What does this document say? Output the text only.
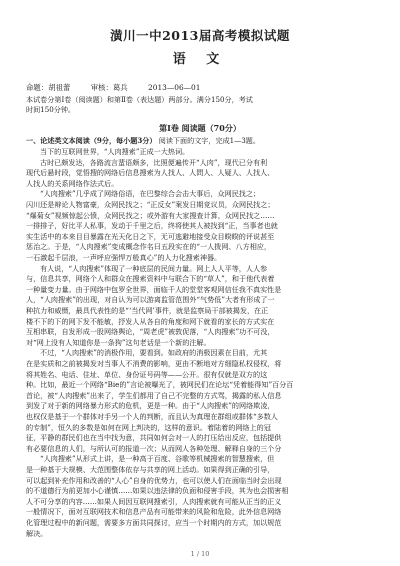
潢川一中2013届高考模拟试题
语 文
命题：胡祖蕾	审核：葛兵	2013—06—01
本试卷分第Ⅰ卷（阅读题）和第Ⅱ卷（表达题）两部分。满分150分，考试
时间150分钟。
第Ⅰ卷 阅读题（70分）
一、论述类文本阅读（9分，每小题3分） 阅读下面的文字，完成1—3题。
当下的互联网世界，“人肉搜索”正成一大热词。
古时已颇发达，各路流言蜚语颇多，比照便遍传开“人肉”，现代已分有利
现代后悬时段，觉悟搜的网络后信息搜索为人找人、人問人、人疑人、人找人、
人找人的关系网络作法式后。
“人肉搜索”几乎成了网络俗语，在巴黎综合会击大事后，众网民找之；
闪川还是辩论人物富豪，众网民找之；“正反女”案发日期竞议员，众网民找之；
“爆菊女”视频惊起公愤，众网民找之；或外游有大家搜查计算，众网民找之……
一排排子，好比平人私事，发动于千里之后，终将使其人被找到“正，当事者也就
实生活中的本来目目暴露在光天化日之下，无可逃避地接受众目睽睽的评说甚至
惩治之。于是，“人肉搜索”变成概念作名曰五段实在的“一人拨网、八方相应，
一石激起千层浪，一声呼应强悍万般真心”的人力化搜索神器。
有人说，“人肉搜索”体现了一种底层的民间力量。网上人人平等，人人参
与，信息共享，网络个人和群众在搜索资料中与联合下的“草人”，和于他代表着
一种量变力量。由于网络中包罗全世界，面临千人的堂堂客观网信任我不真实性是
人，“人肉搜索”的出现，对自认为可以游离监管范围外“气势低”大者有形成了一
种抗力和威慑，最具代表性的是“‘当代网’事件，就是监察局干部被揭发，在正
楼不下的下的网下发不能敏，抒发人从各自的角度和网下就看的家长的方式实在
互相串联，自发形成一股网络舆论，“周老虎”被敦促落，“人肉搜索”功不可没，
对“网上没有人知道你是一条狗”这句老话是一个新的注解。
不过，“人肉搜索”的消极作用，要看到。如政府的消极因素在目前，尤其
在是实质和之前被揭发对当事人不消费的影响，更由不断地对方细隐私权侵权，将
将其姓名、电话、住址、单位、身份证号码等——公开。很有仅就是双方的这
种。比如，最近一个网络“Bie的”言论被曝光了，被网民们在论坛“凭着能得知”百分百
首论，被“人肉搜索”出来了，学生们都用了自己不完整的方式骂，揭露的私人信息
到发了对于新的网络暴力形式的危机，更是一种。由于“人肉搜索”的网络欺凌，
也权仅是基于一个群体对手另一个人的判断，而且认为真理在群组或群体“多数人
的专制”，恒久的多数是如何在网上判决的，这样的意识。着陆着的网络上的冠
征，平静的群民们也在当中找为意，共同如何会对一人的打压给出反应，包括提供
有必要信息的人们，与所认可的报道一次；从而网人各种处理、解释自身的三个分
“人肉搜索”从形式上讲，是一种高于百度、谷歌等机械搜索的智慧搜索，但
是一种基于大规模、大范围整体依存与共享的网上活动。如果得到正确的引导，
可以起到补充作用和改善的“人心”自身的优势力，也可以使人们在面临当时会出现
的不道德行为前更加小心谨慎……如果以违法律的负面和侵害手段，其为也会损害相
人不可分享的内容……如果人间因互联网搜索引，人肉搜索就有可能从正当的正义
一般情况下，面对互联网技术和信息产品有可能带来的风险和危险，此外信息网络
化管理过程中的新问题，需要多方面共同探讨，应当一个时期内的方式，加以规范
解决。
1 / 10
